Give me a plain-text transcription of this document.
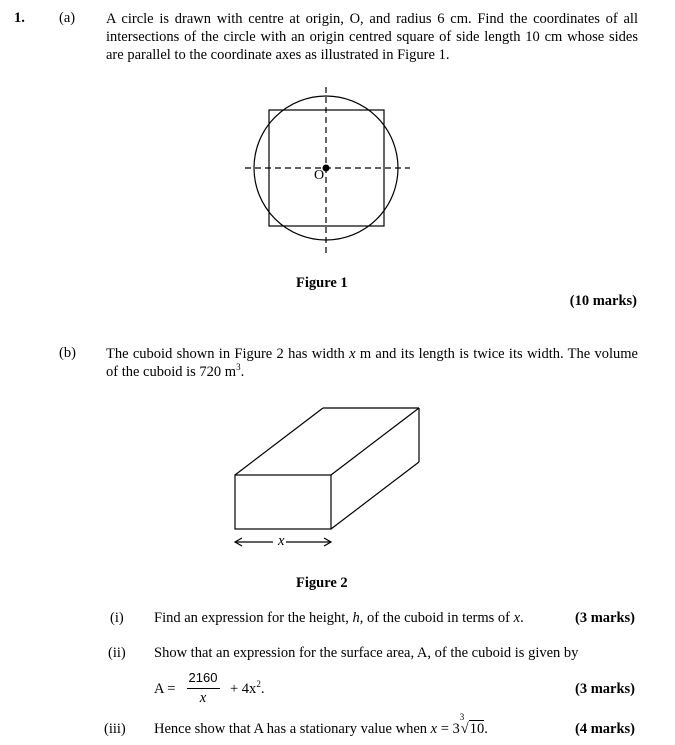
1. (a) A circle is drawn with centre at origin, O, and radius 6 cm. Find the coordinates of all intersections of the circle with an origin centred square of side length 10 cm whose sides are parallel to the coordinate axes as illustrated in Figure 1.
O
Figure 1
(10 marks)
(b) The cuboid shown in Figure 2 has width x m and its length is twice its width. The volume of the cuboid is 720 $m^3$.
x
Figure 2
(i) Find an expression for the height, h, of the cuboid in terms of x.	(3 marks)
(ii) Show that an expression for the surface area, A, of the cuboid is given by
A =
2160
x
+ $4x^2$.	(3 marks)
(iii) Hence show that A has a stationary value when x = 3
3
√ 10.	(4 marks)
